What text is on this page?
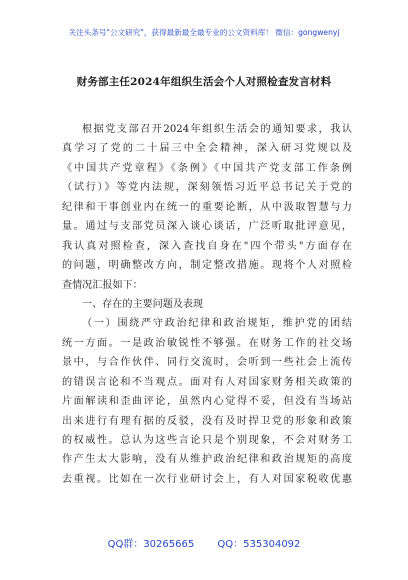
关注头条号"公文研究"，获得最新最全最专业的公文资料库！ 微信：gongwenyj
财务部主任2024年组织生活会个人对照检查发言材料
根据党支部召开2024年组织生活会的通知要求，我认
真学习了党的二十届三中全会精神，深入研习党规以及
《中国共产党章程》《条例》《中国共产党支部工作条例
（试行）》等党内法规，深刻领悟习近平总书记关于党的
纪律和干事创业内在统一的重要论断，从中汲取智慧与力
量。通过与支部党员深入谈心谈话，广泛听取批评意见，
我认真对照检查，深入查找自身在"四个带头"方面存在
的问题，明确整改方向，制定整改措施。现将个人对照检
查情况汇报如下：
一、存在的主要问题及表现
（一）围绕严守政治纪律和政治规矩，维护党的团结
统一方面。一是政治敏锐性不够强。在财务工作的社交场
景中，与合作伙伴、同行交流时，会听到一些社会上流传
的错误言论和不当观点。面对有人对国家财务相关政策的
片面解读和歪曲评论，虽然内心觉得不妥，但没有当场站
出来进行有理有据的反驳，没有及时捍卫党的形象和政策
的权威性。总认为这些言论只是个别现象，不会对财务工
作产生太大影响，没有从维护政治纪律和政治规矩的高度
去重视。比如在一次行业研讨会上，有人对国家税收优惠
QQ群：30265665 QQ：535304092
